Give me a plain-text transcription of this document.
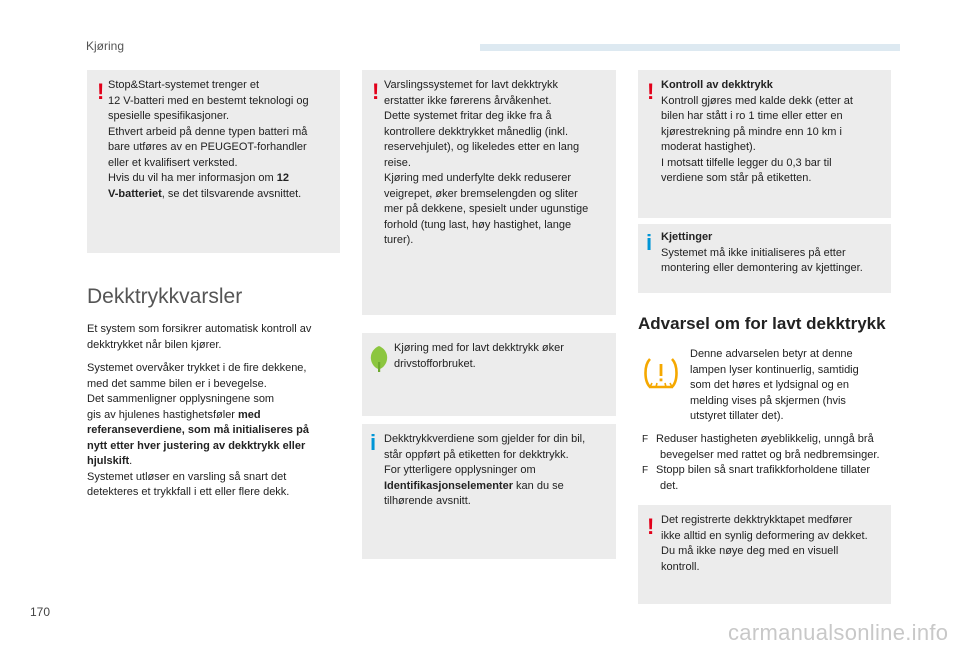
Kjøring
! Stop&Start-systemet trenger et
12 V-batteri med en bestemt teknologi og
spesielle spesifikasjoner.
Ethvert arbeid på denne typen batteri må
bare utføres av en PEUGEOT-forhandler
eller et kvalifisert verksted.
Hvis du vil ha mer informasjon om 12
V-batteriet, se det tilsvarende avsnittet.
Dekktrykkvarsler
Et system som forsikrer automatisk kontroll av
dekktrykket når bilen kjører.
Systemet overvåker trykket i de fire dekkene,
med det samme bilen er i bevegelse.
Det sammenligner opplysningene som
gis av hjulenes hastighetsføler med
referanseverdiene, som må initialiseres på
nytt etter hver justering av dekktrykk eller
hjulskift.
Systemet utløser en varsling så snart det
detekteres et trykkfall i ett eller flere dekk.
! Varslingssystemet for lavt dekktrykk
erstatter ikke førerens årvåkenhet.
Dette systemet fritar deg ikke fra å
kontrollere dekktrykket månedlig (inkl.
reservehjulet), og likeledes etter en lang
reise.
Kjøring med underfylte dekk reduserer
veigrepet, øker bremselengden og sliter
mer på dekkene, spesielt under ugunstige
forhold (tung last, høy hastighet, lange
turer).
Kjøring med for lavt dekktrykk øker
drivstofforbruket.
i Dekktrykkverdiene som gjelder for din bil,
står oppført på etiketten for dekktrykk.
For ytterligere opplysninger om
Identifikasjonselementer kan du se
tilhørende avsnitt.
! Kontroll av dekktrykk
Kontroll gjøres med kalde dekk (etter at
bilen har stått i ro 1 time eller etter en
kjørestrekning på mindre enn 10 km i
moderat hastighet).
I motsatt tilfelle legger du 0,3 bar til
verdiene som står på etiketten.
i Kjettinger
Systemet må ikke initialiseres på etter
montering eller demontering av kjettinger.
Advarsel om for lavt dekktrykk
Denne advarselen betyr at denne
lampen lyser kontinuerlig, samtidig
som det høres et lydsignal og en
melding vises på skjermen (hvis
utstyret tillater det).
F Reduser hastigheten øyeblikkelig, unngå brå
bevegelser med rattet og brå nedbremsinger.
F Stopp bilen så snart trafikkforholdene tillater
det.
! Det registrerte dekktrykktapet medfører
ikke alltid en synlig deformering av dekket.
Du må ikke nøye deg med en visuell
kontroll.
170
carmanualsonline.info
